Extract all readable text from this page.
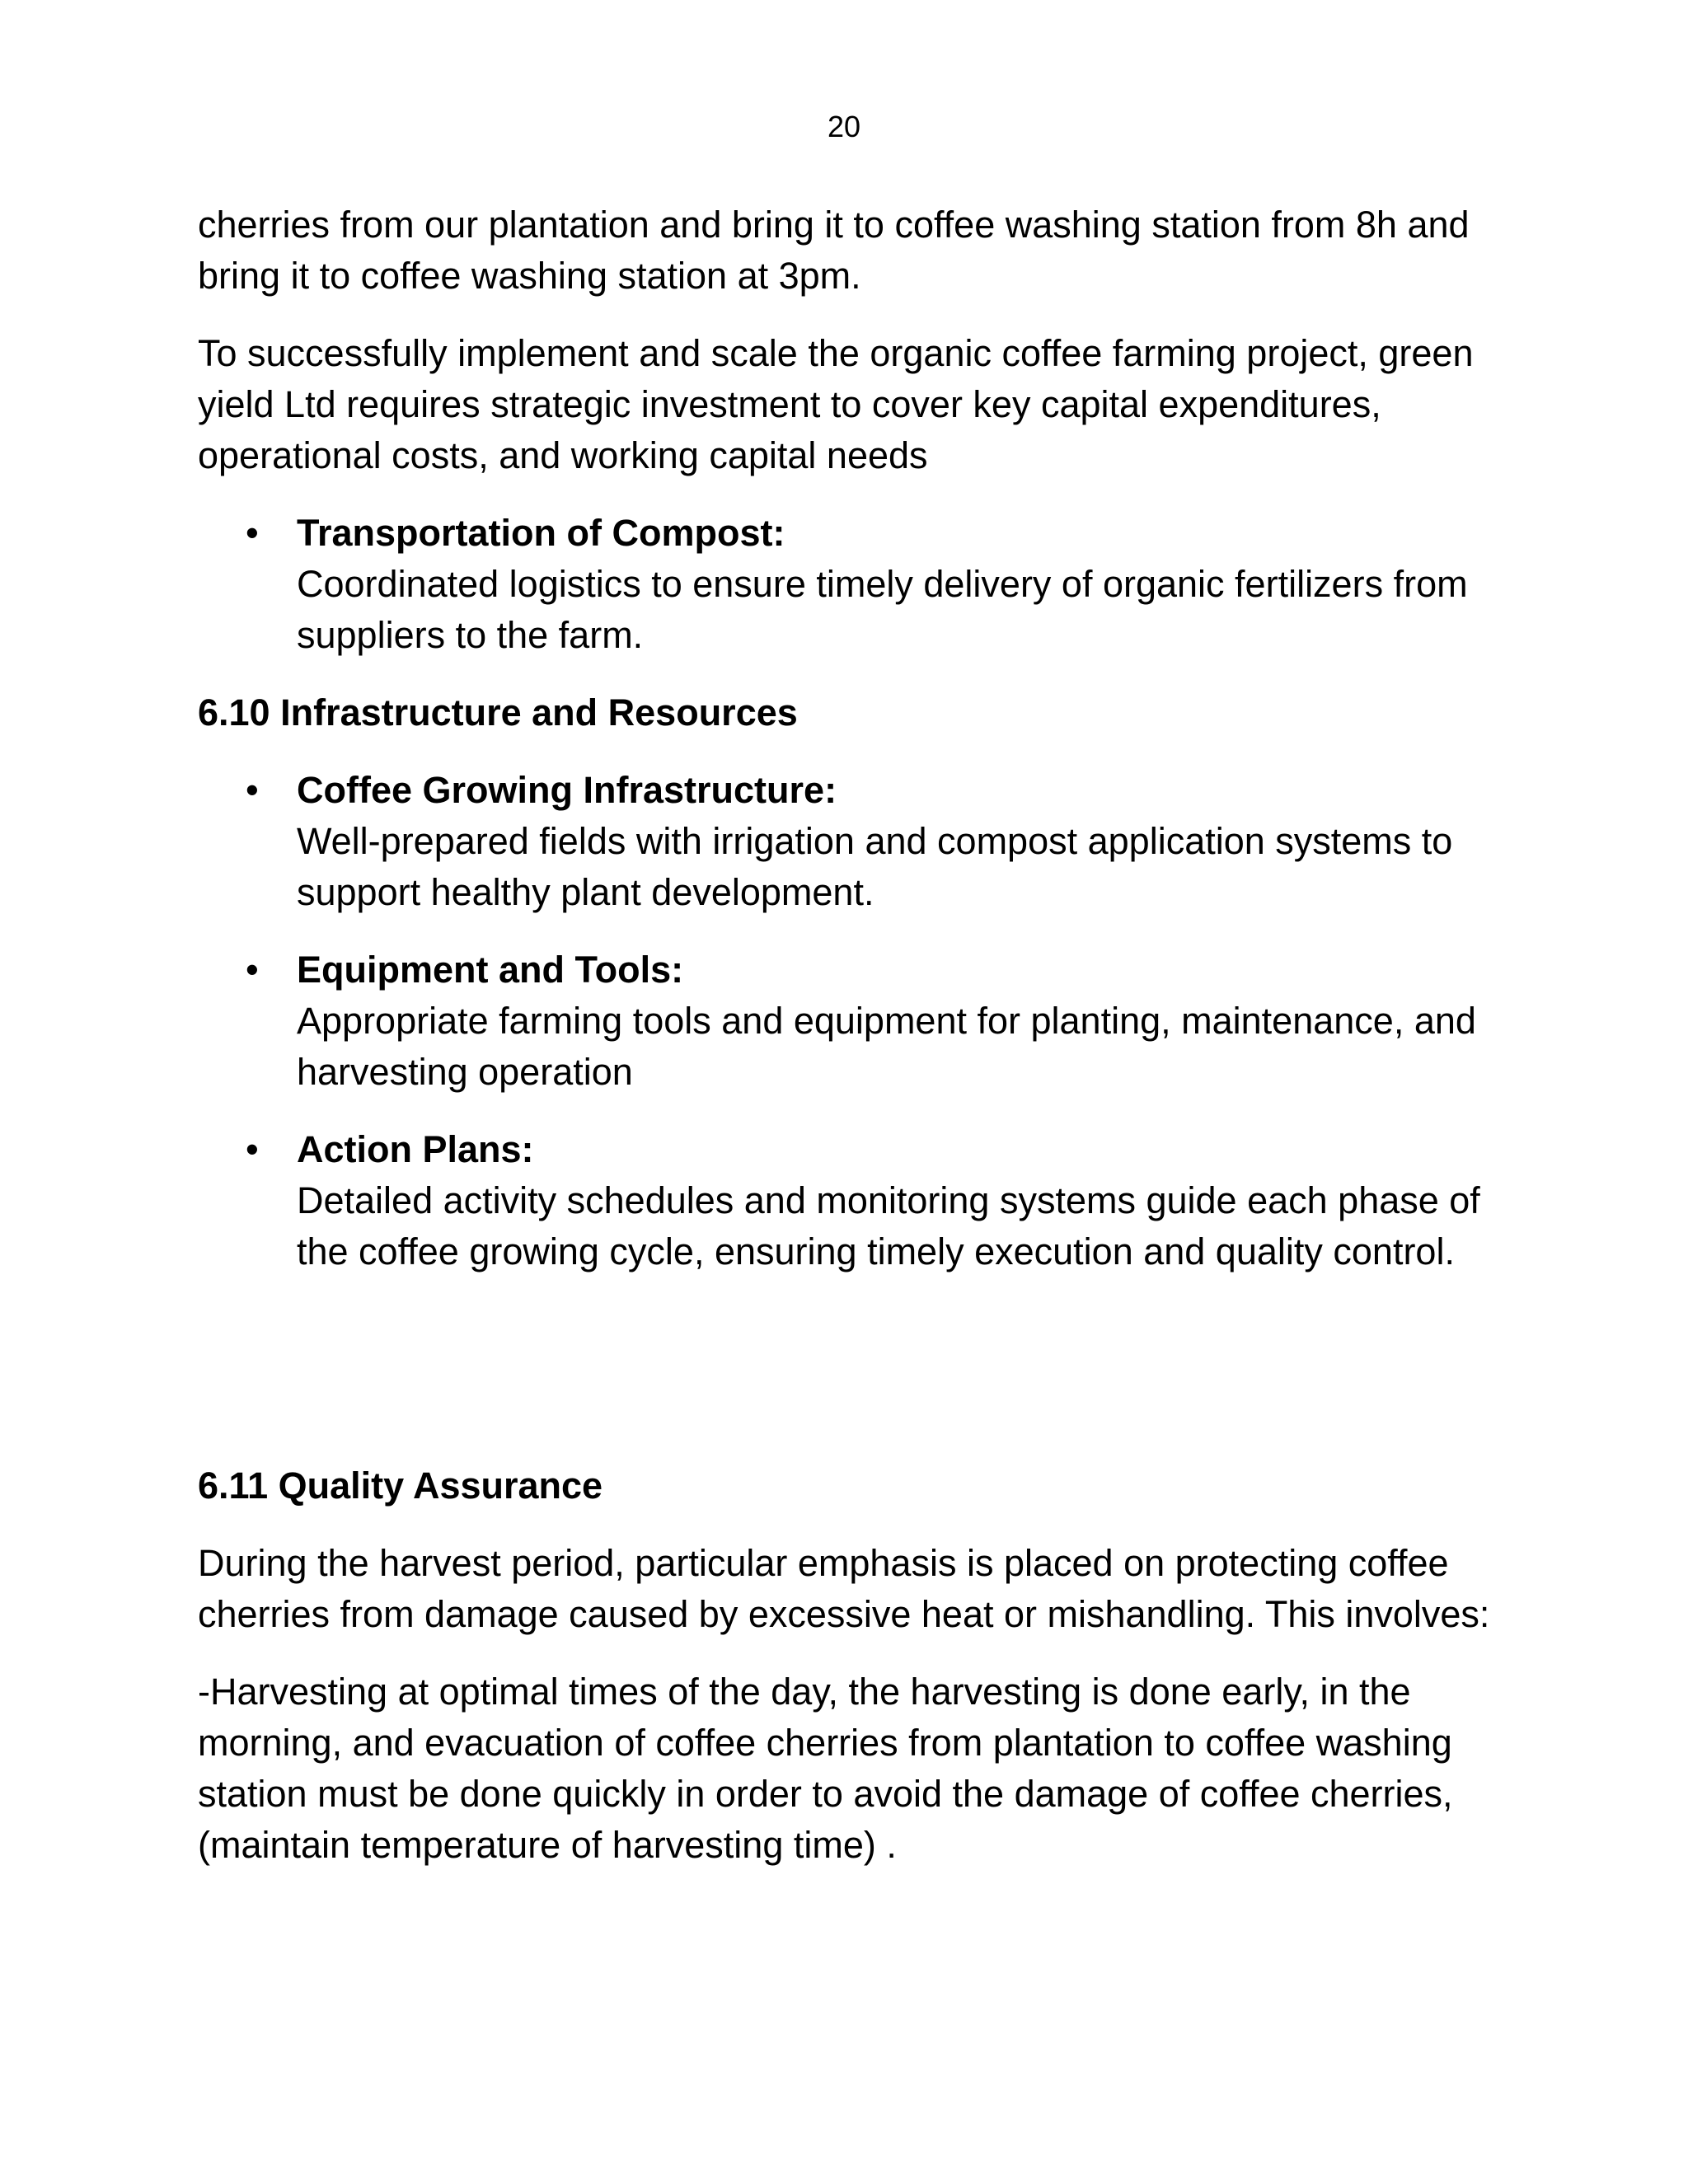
20

cherries from our plantation and bring it to coffee washing station from 8h and bring it to coffee washing station at 3pm.

To successfully implement and scale the organic coffee farming project, green yield Ltd requires strategic investment to cover key capital expenditures, operational costs, and working capital needs

• Transportation of Compost:
Coordinated logistics to ensure timely delivery of organic fertilizers from suppliers to the farm.
6.10 Infrastructure and Resources
• Coffee Growing Infrastructure:
Well-prepared fields with irrigation and compost application systems to support healthy plant development.
• Equipment and Tools:
Appropriate farming tools and equipment for planting, maintenance, and harvesting operation
• Action Plans:
Detailed activity schedules and monitoring systems guide each phase of the coffee growing cycle, ensuring timely execution and quality control.
6.11 Quality Assurance

During the harvest period, particular emphasis is placed on protecting coffee cherries from damage caused by excessive heat or mishandling. This involves:

-Harvesting at optimal times of the day, the harvesting is done early, in the morning, and evacuation of coffee cherries from plantation to coffee washing station must be done quickly in order to avoid the damage of coffee cherries, (maintain temperature of harvesting time) .
